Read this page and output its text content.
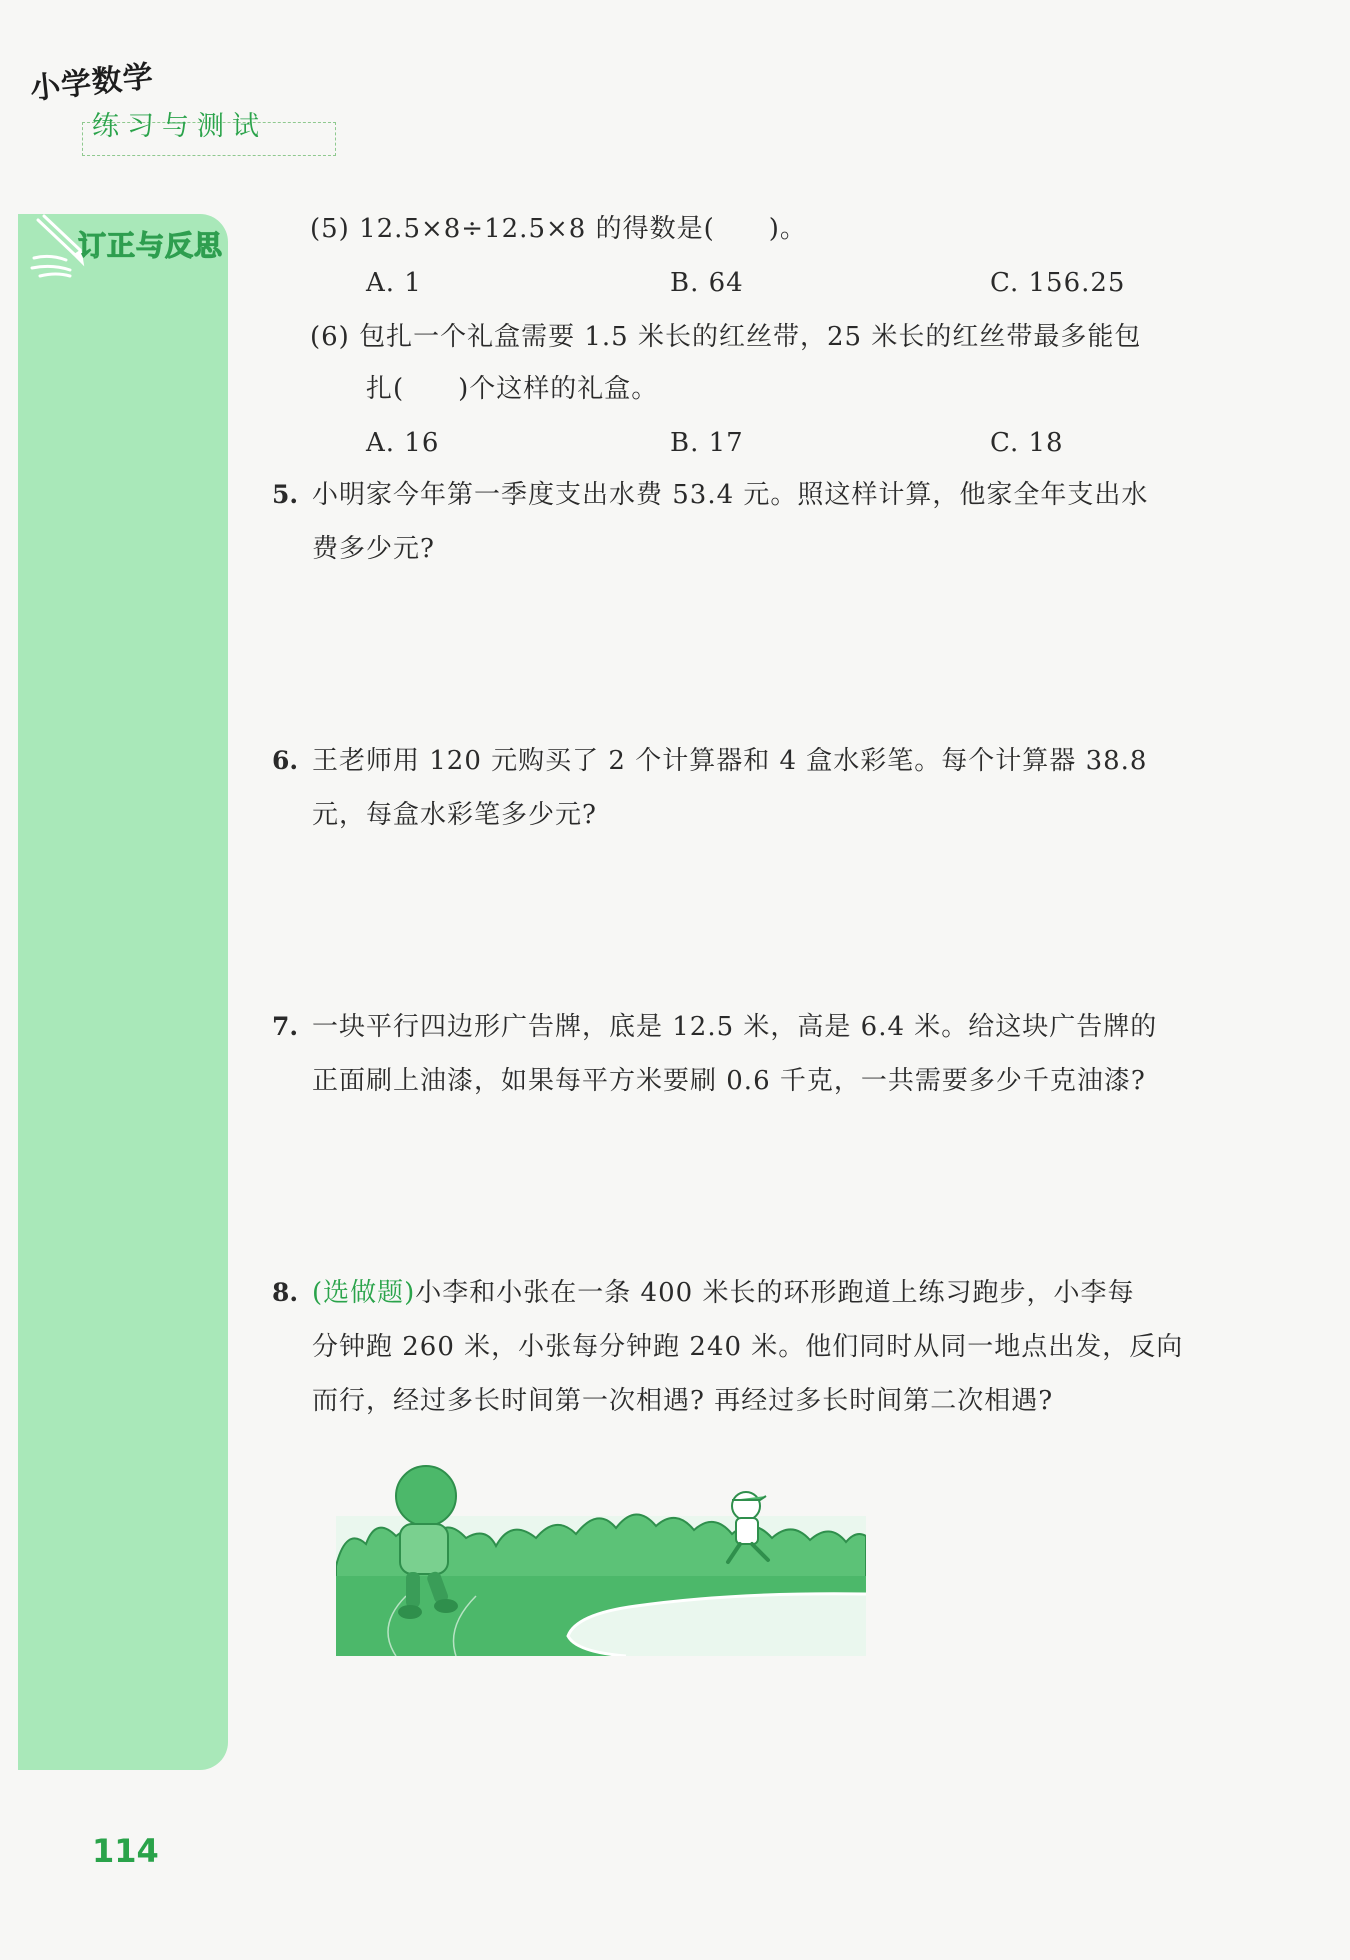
小学数学
练习与测试
订正与反思	(5) 12.5×8÷12.5×8 的得数是(　　)。
A. 1	B. 64	C. 156.25
(6) 包扎一个礼盒需要 1.5 米长的红丝带，25 米长的红丝带最多能包
扎(　　)个这样的礼盒。
A. 16	B. 17	C. 18
5. 小明家今年第一季度支出水费 53.4 元。照这样计算，他家全年支出水
费多少元?
6. 王老师用 120 元购买了 2 个计算器和 4 盒水彩笔。每个计算器 38.8
元，每盒水彩笔多少元?
7. 一块平行四边形广告牌，底是 12.5 米，高是 6.4 米。给这块广告牌的
正面刷上油漆，如果每平方米要刷 0.6 千克，一共需要多少千克油漆?
8. (选做题)小李和小张在一条 400 米长的环形跑道上练习跑步，小李每
分钟跑 260 米，小张每分钟跑 240 米。他们同时从同一地点出发，反向
而行，经过多长时间第一次相遇? 再经过多长时间第二次相遇?
114
